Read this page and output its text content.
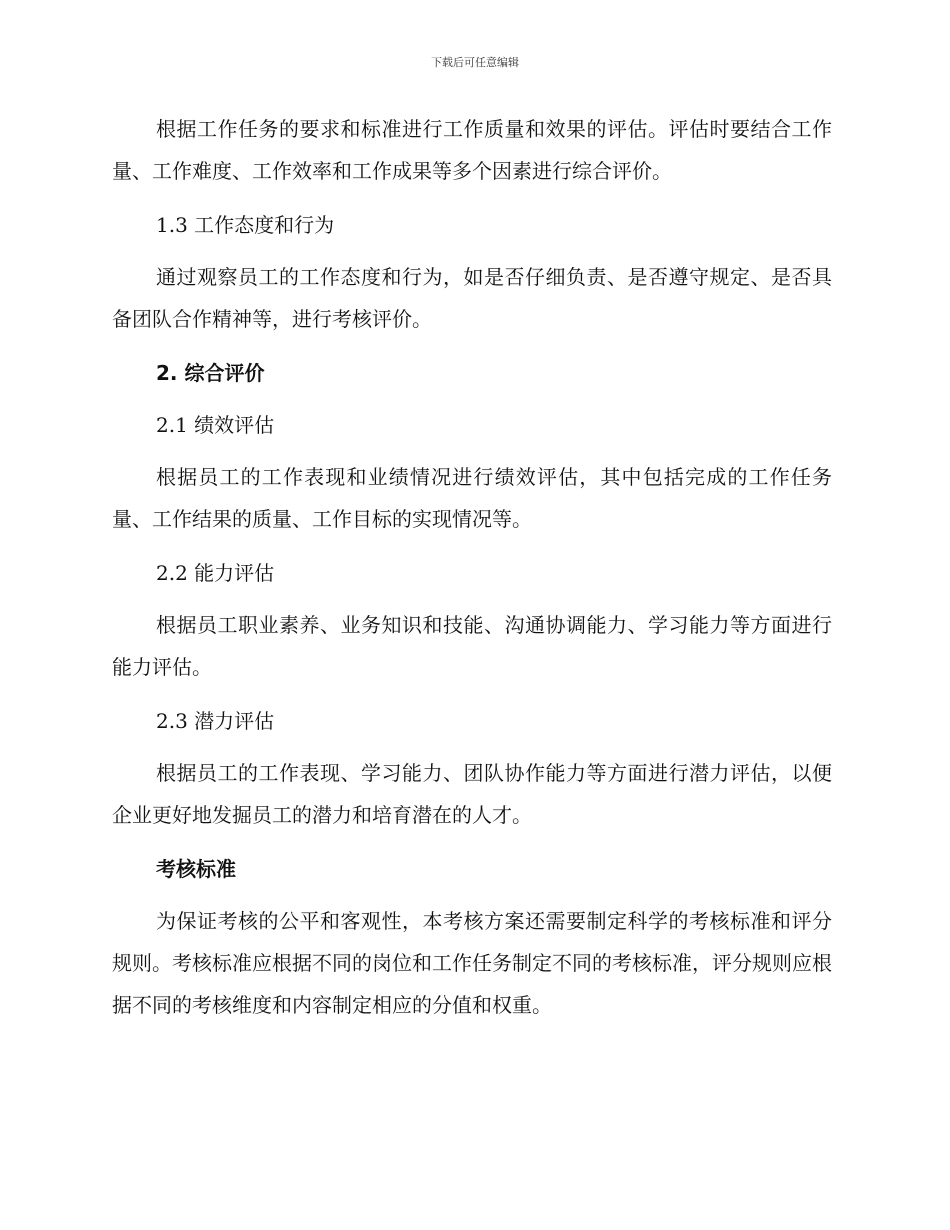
下载后可任意编辑

根据工作任务的要求和标准进行工作质量和效果的评估。评估时要结合工作量、工作难度、工作效率和工作成果等多个因素进行综合评价。

1.3 工作态度和行为

通过观察员工的工作态度和行为，如是否仔细负责、是否遵守规定、是否具备团队合作精神等，进行考核评价。

2. 综合评价
2.1 绩效评估

根据员工的工作表现和业绩情况进行绩效评估，其中包括完成的工作任务量、工作结果的质量、工作目标的实现情况等。

2.2 能力评估

根据员工职业素养、业务知识和技能、沟通协调能力、学习能力等方面进行能力评估。

2.3 潜力评估

根据员工的工作表现、学习能力、团队协作能力等方面进行潜力评估，以便企业更好地发掘员工的潜力和培育潜在的人才。

考核标准

为保证考核的公平和客观性，本考核方案还需要制定科学的考核标准和评分规则。考核标准应根据不同的岗位和工作任务制定不同的考核标准，评分规则应根据不同的考核维度和内容制定相应的分值和权重。
